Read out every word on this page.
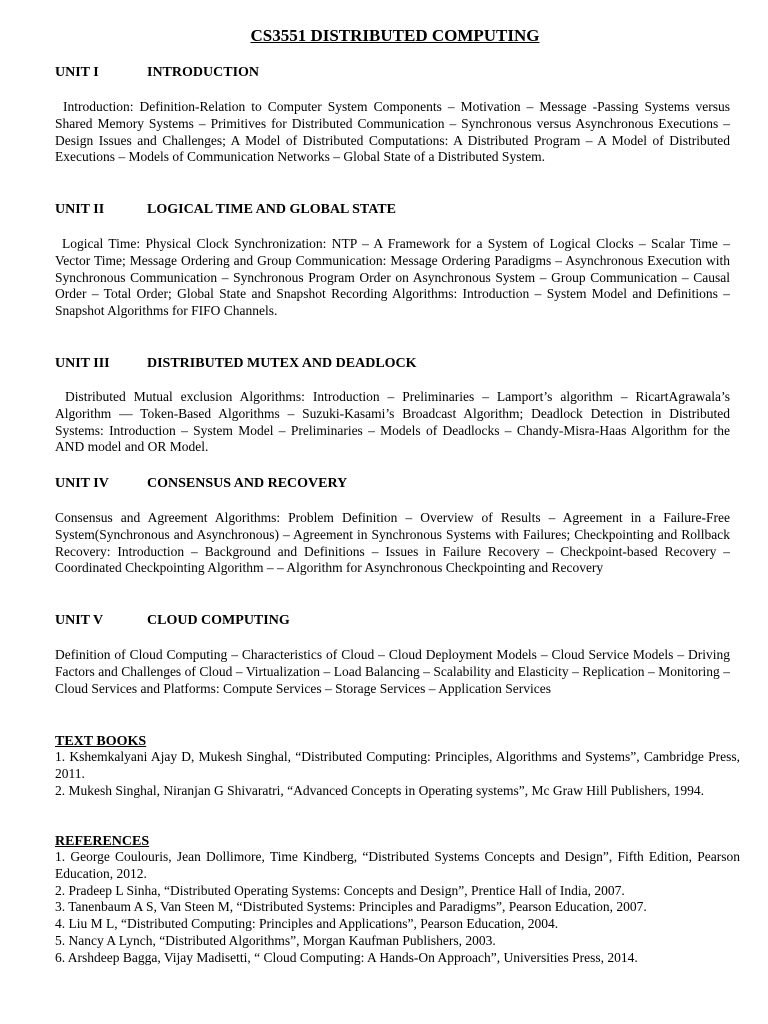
CS3551 DISTRIBUTED COMPUTING
UNIT I	INTRODUCTION
Introduction: Definition-Relation to Computer System Components – Motivation – Message -Passing Systems versus Shared Memory Systems – Primitives for Distributed Communication – Synchronous versus Asynchronous Executions – Design Issues and Challenges; A Model of Distributed Computations: A Distributed Program – A Model of Distributed Executions – Models of Communication Networks – Global State of a Distributed System.
UNIT II	LOGICAL TIME AND GLOBAL STATE
Logical Time: Physical Clock Synchronization: NTP – A Framework for a System of Logical Clocks – Scalar Time – Vector Time; Message Ordering and Group Communication: Message Ordering Paradigms – Asynchronous Execution with Synchronous Communication – Synchronous Program Order on Asynchronous System – Group Communication – Causal Order – Total Order; Global State and Snapshot Recording Algorithms: Introduction – System Model and Definitions – Snapshot Algorithms for FIFO Channels.
UNIT III	DISTRIBUTED MUTEX AND DEADLOCK
Distributed Mutual exclusion Algorithms: Introduction – Preliminaries – Lamport’s algorithm – RicartAgrawala’s Algorithm –– Token-Based Algorithms – Suzuki-Kasami’s Broadcast Algorithm; Deadlock Detection in Distributed Systems: Introduction – System Model – Preliminaries – Models of Deadlocks – Chandy-Misra-Haas Algorithm for the AND model and OR Model.
UNIT IV	CONSENSUS AND RECOVERY
Consensus and Agreement Algorithms: Problem Definition – Overview of Results – Agreement in a Failure-Free System(Synchronous and Asynchronous) – Agreement in Synchronous Systems with Failures; Checkpointing and Rollback Recovery: Introduction – Background and Definitions – Issues in Failure Recovery – Checkpoint-based Recovery – Coordinated Checkpointing Algorithm – – Algorithm for Asynchronous Checkpointing and Recovery
UNIT V	CLOUD COMPUTING
Definition of Cloud Computing – Characteristics of Cloud – Cloud Deployment Models – Cloud Service Models – Driving Factors and Challenges of Cloud – Virtualization – Load Balancing – Scalability and Elasticity – Replication – Monitoring – Cloud Services and Platforms: Compute Services – Storage Services – Application Services
TEXT BOOKS
1. Kshemkalyani Ajay D, Mukesh Singhal, “Distributed Computing: Principles, Algorithms and Systems”, Cambridge Press, 2011.
2. Mukesh Singhal, Niranjan G Shivaratri, “Advanced Concepts in Operating systems”, Mc Graw Hill Publishers, 1994.
REFERENCES
1. George Coulouris, Jean Dollimore, Time Kindberg, “Distributed Systems Concepts and Design”, Fifth Edition, Pearson Education, 2012.
2. Pradeep L Sinha, “Distributed Operating Systems: Concepts and Design”, Prentice Hall of India, 2007.
3. Tanenbaum A S, Van Steen M, “Distributed Systems: Principles and Paradigms”, Pearson Education, 2007.
4. Liu M L, “Distributed Computing: Principles and Applications”, Pearson Education, 2004.
5. Nancy A Lynch, “Distributed Algorithms”, Morgan Kaufman Publishers, 2003.
6. Arshdeep Bagga, Vijay Madisetti, “ Cloud Computing: A Hands-On Approach”, Universities Press, 2014.
